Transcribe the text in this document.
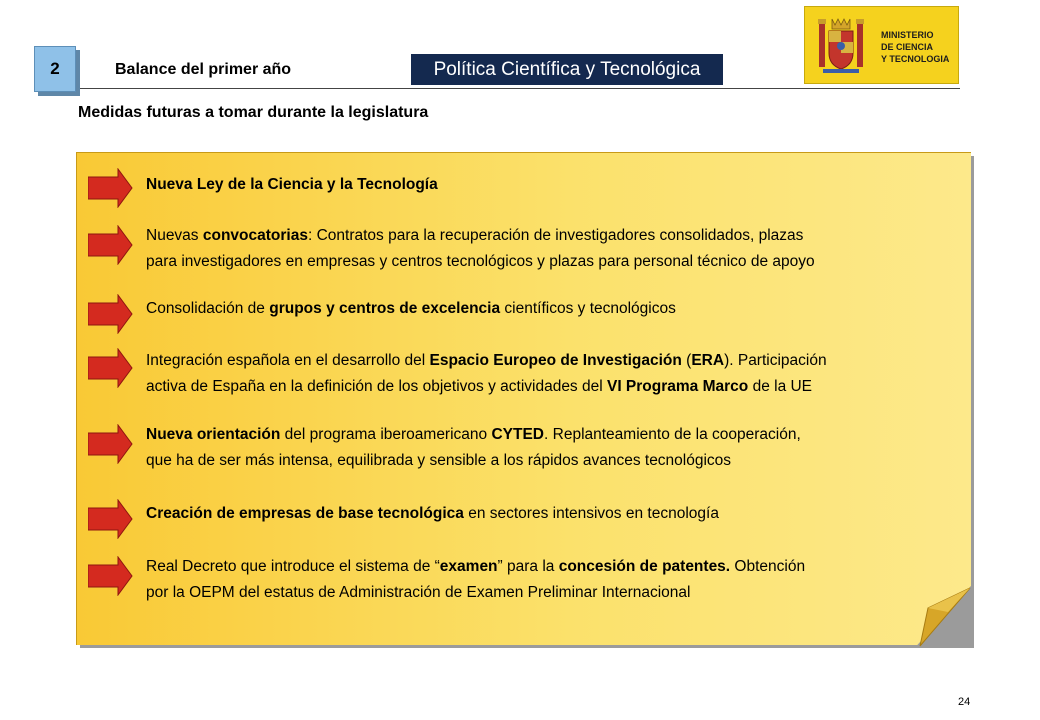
2	Balance del primer año	Política Científica y Tecnológica
MINISTERIO
DE CIENCIA
Y TECNOLOGIA
Medidas futuras a tomar durante la legislatura
Nueva Ley de la Ciencia y la Tecnología
Nuevas convocatorias: Contratos para la recuperación de investigadores consolidados, plazas
para investigadores en empresas y centros tecnológicos y plazas para personal técnico de apoyo
Consolidación de grupos y centros de excelencia científicos y tecnológicos
Integración española en el desarrollo del Espacio Europeo de Investigación (ERA). Participación
activa de España en la definición de los objetivos y actividades del VI Programa Marco de la UE
Nueva orientación del programa iberoamericano CYTED. Replanteamiento de la cooperación,
que ha de ser más intensa, equilibrada y sensible a los rápidos avances tecnológicos
Creación de empresas de base tecnológica en sectores intensivos en tecnología
Real Decreto que introduce el sistema de “examen” para la concesión de patentes. Obtención
por la OEPM del estatus de Administración de Examen Preliminar Internacional
24
